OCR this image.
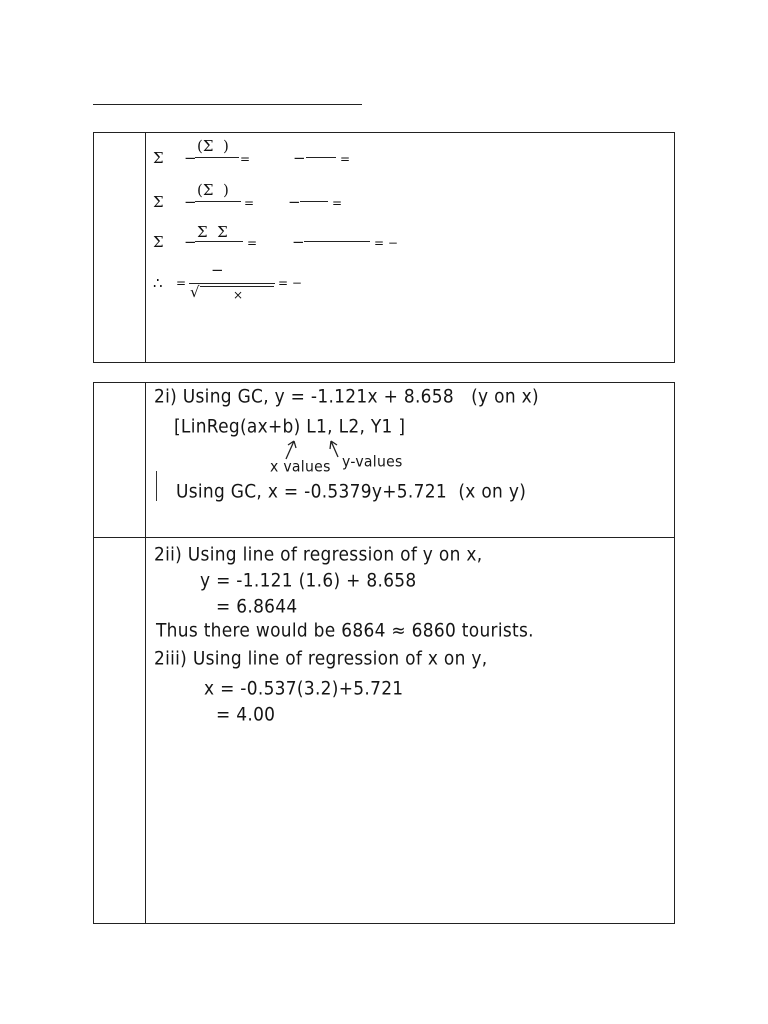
Σ −
(Σ  )
=	−	=
Σ −
(Σ  )
= −	=
Σ −
Σ  Σ
= −	= −
∴ =
−
√	×
= −
2i) Using GC, y = -1.121x + 8.658   (y on x)
[LinReg(ax+b) L1, L2, Y1 ]
x values y-values
Using GC, x = -0.5379y+5.721  (x on y)
2ii) Using line of regression of y on x,
y = -1.121 (1.6) + 8.658
= 6.8644
Thus there would be 6864 ≈ 6860 tourists.
2iii) Using line of regression of x on y,
x = -0.537(3.2)+5.721
= 4.00
